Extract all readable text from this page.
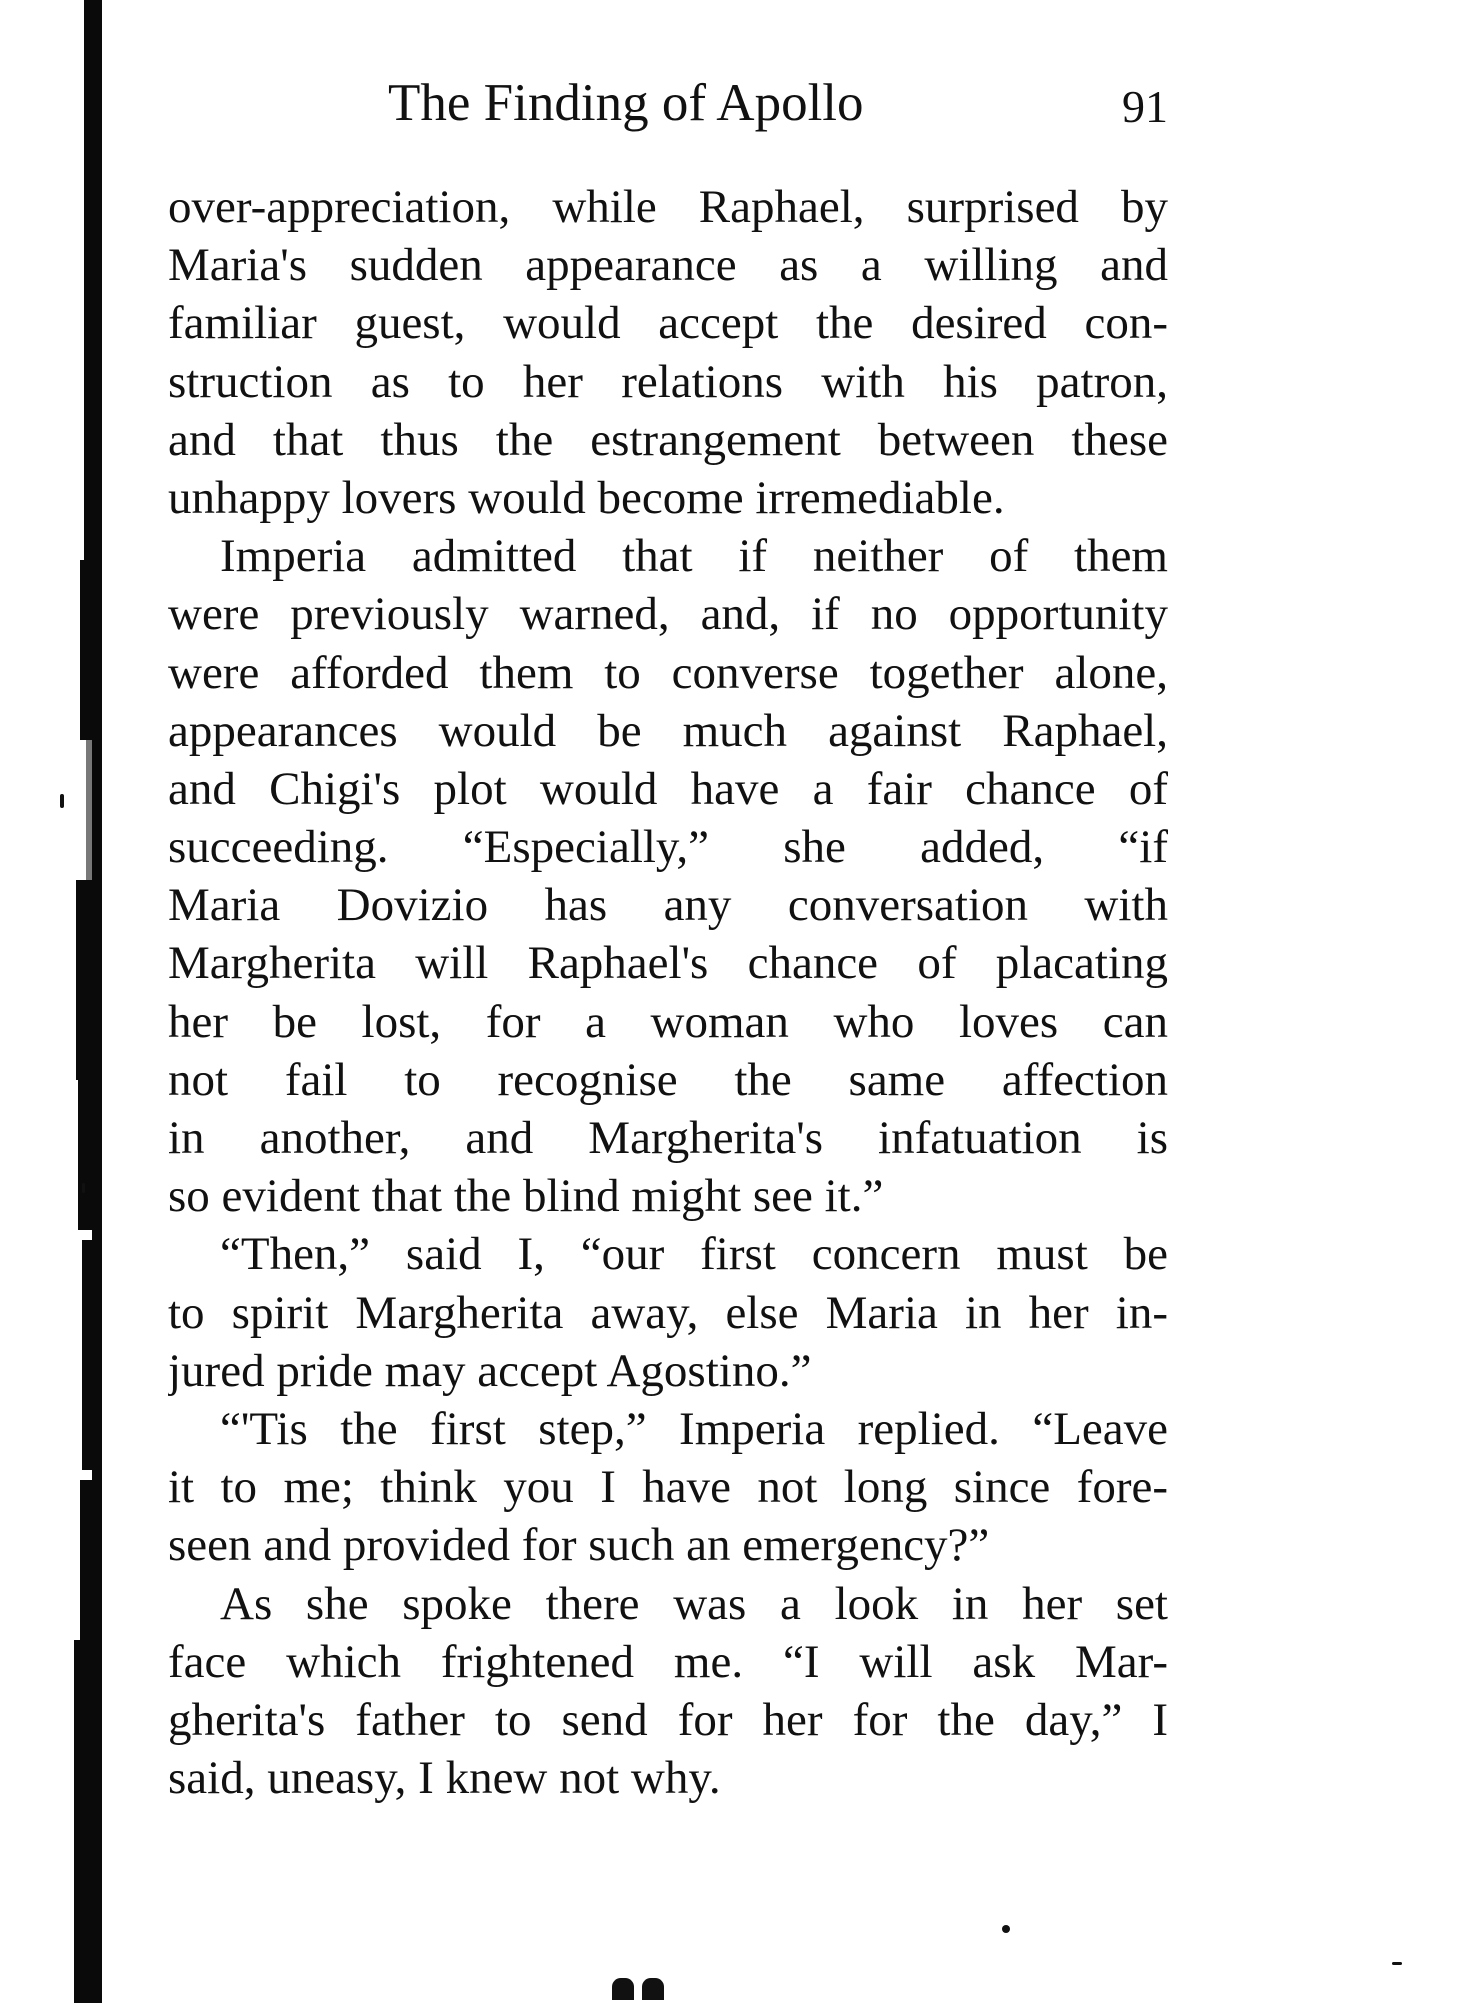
The Finding of Apollo	91
over-appreciation, while Raphael, surprised by
Maria's sudden appearance as a willing and
familiar guest, would accept the desired con-
struction as to her relations with his patron,
and that thus the estrangement between these
unhappy lovers would become irremediable.
Imperia admitted that if neither of them
were previously warned, and, if no opportunity
were afforded them to converse together alone,
appearances would be much against Raphael,
and Chigi's plot would have a fair chance of
succeeding. “Especially,” she added, “if
Maria Dovizio has any conversation with
Margherita will Raphael's chance of placating
her be lost, for a woman who loves can
not fail to recognise the same affection
in another, and Margherita's infatuation is
so evident that the blind might see it.”
“Then,” said I, “our first concern must be
to spirit Margherita away, else Maria in her in-
jured pride may accept Agostino.”
“'Tis the first step,” Imperia replied. “Leave
it to me; think you I have not long since fore-
seen and provided for such an emergency?”
As she spoke there was a look in her set
face which frightened me. “I will ask Mar-
gherita's father to send for her for the day,” I
said, uneasy, I knew not why.
